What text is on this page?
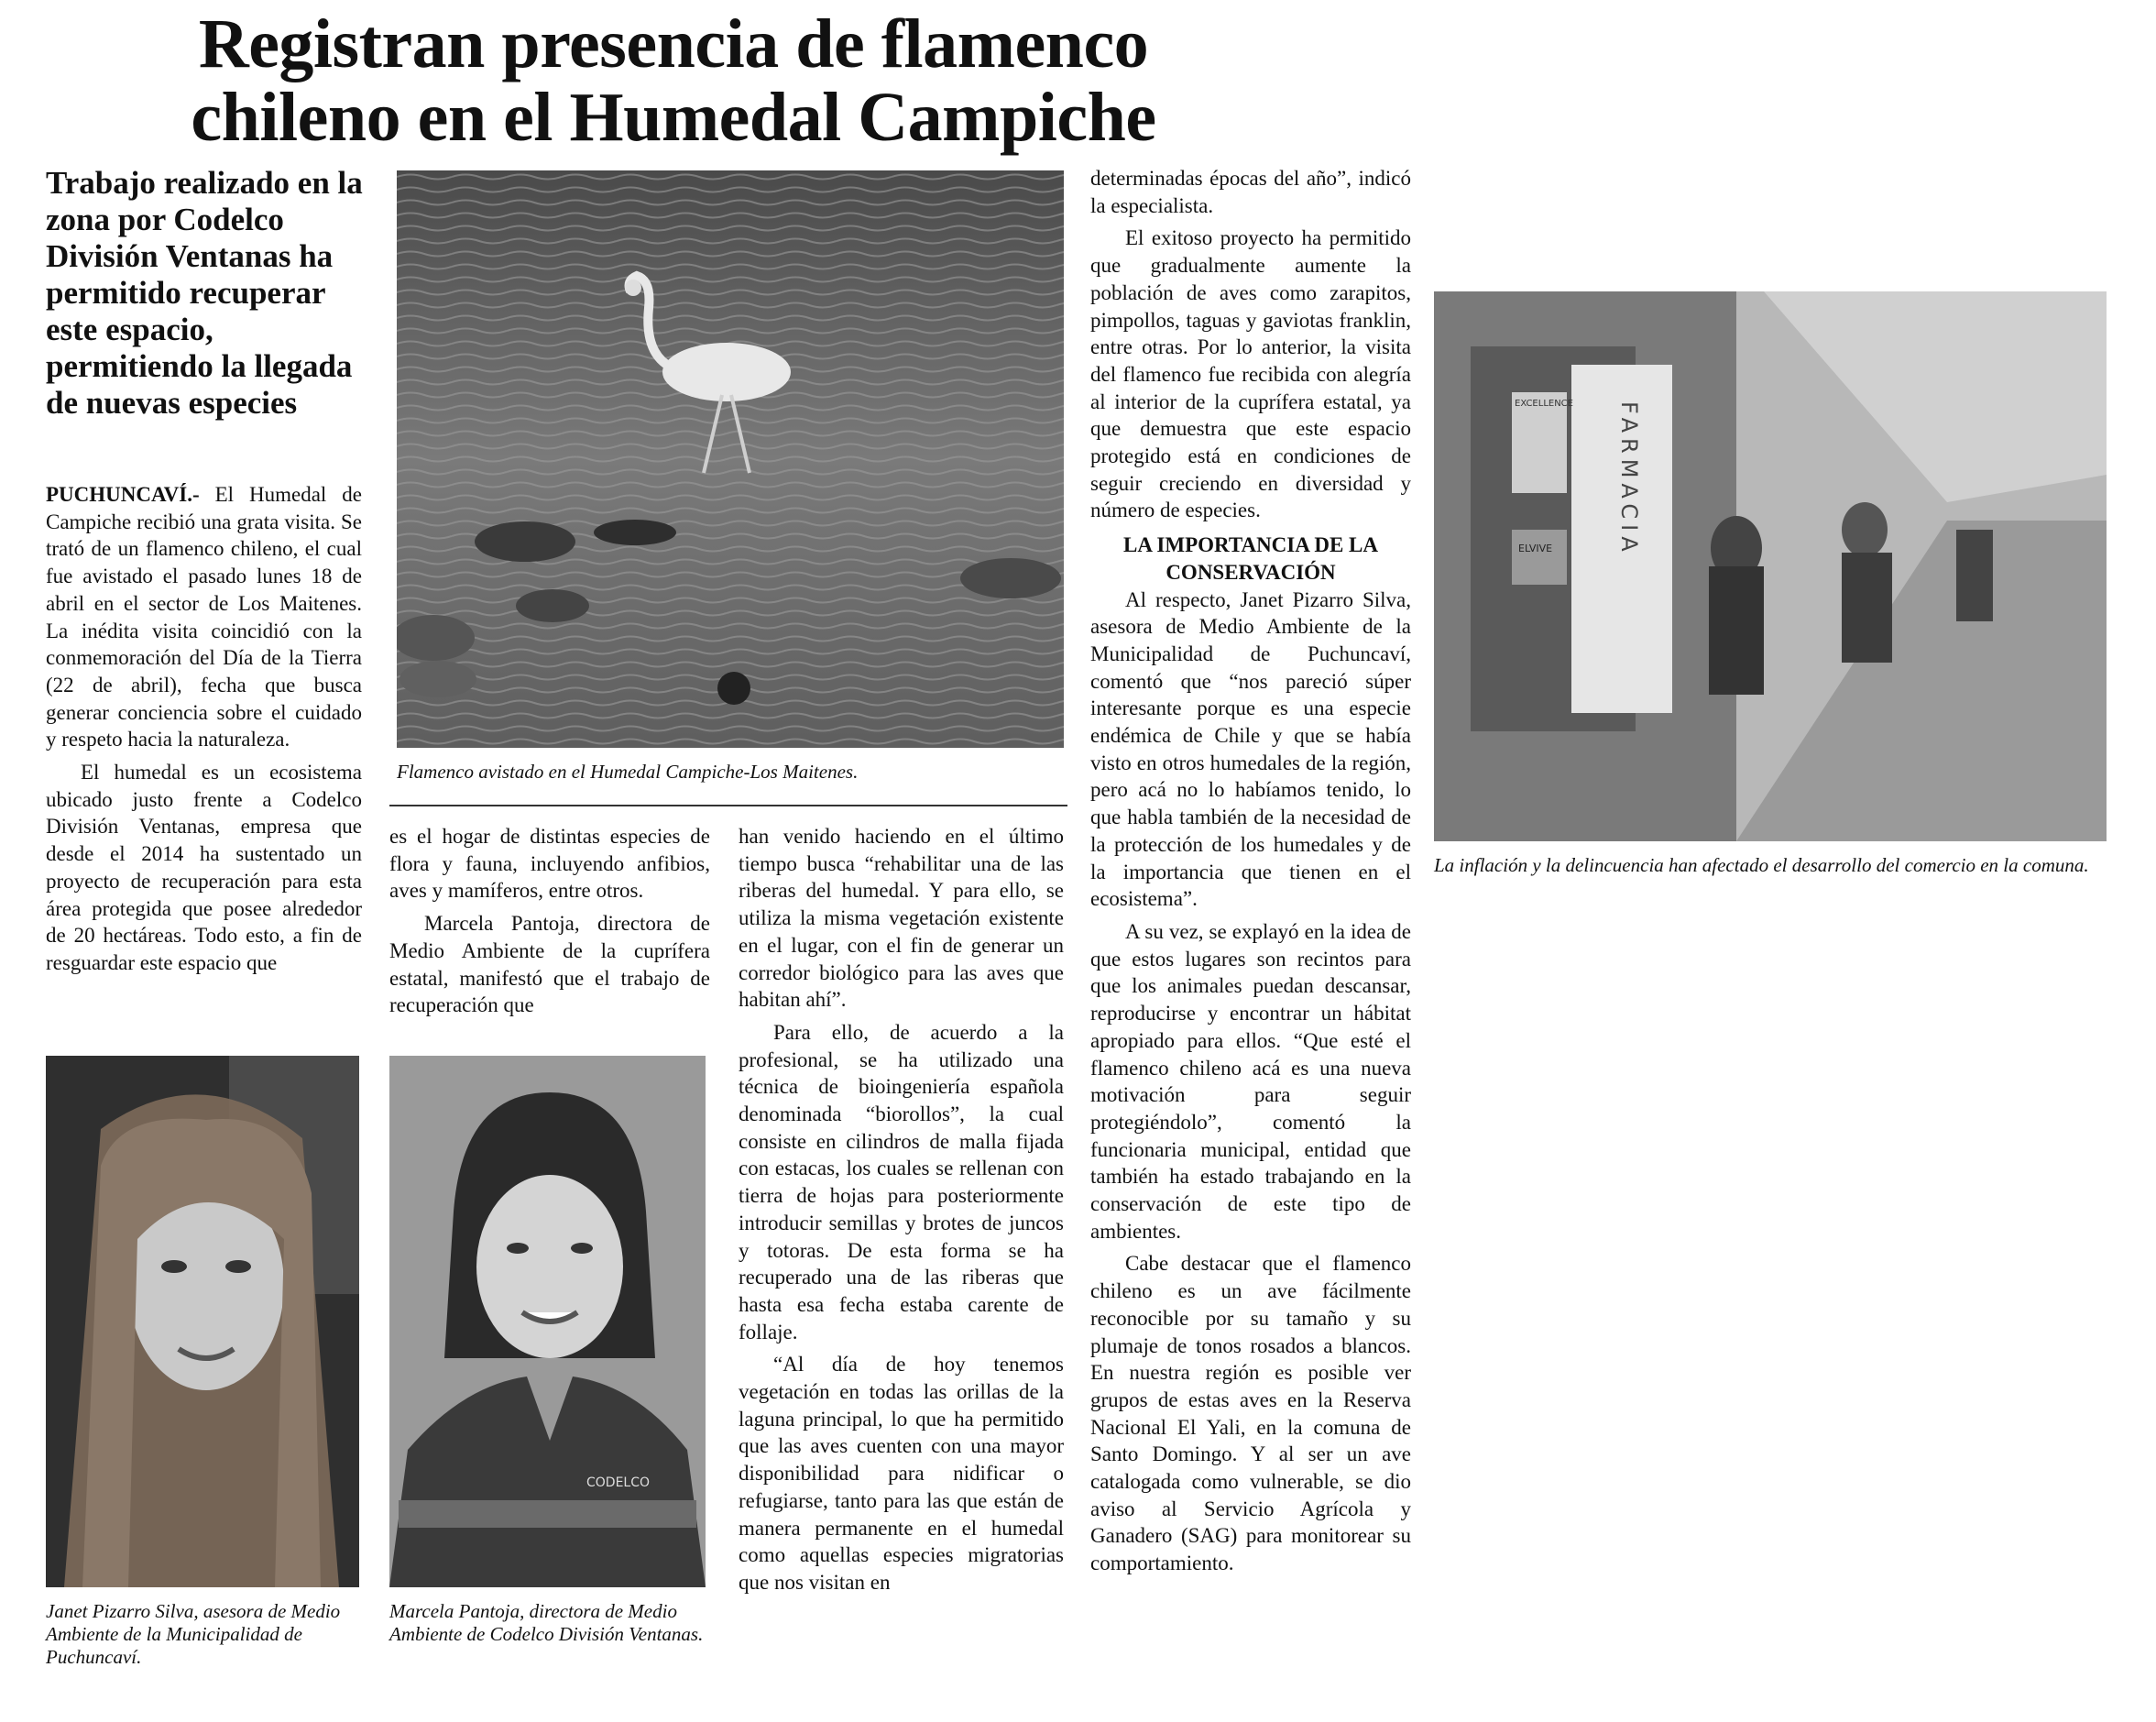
Registran presencia de flamenco
chileno en el Humedal Campiche
Trabajo realizado en la zona por Codelco División Ventanas ha permitido recuperar este espacio, permitiendo la llegada de nuevas especies

PUCHUNCAVÍ.- El Humedal de Campiche recibió una grata visita. Se trató de un flamenco chileno, el cual fue avistado el pasado lunes 18 de abril en el sector de Los Maitenes. La inédita visita coincidió con la conmemoración del Día de la Tierra (22 de abril), fecha que busca generar conciencia sobre el cuidado y respeto hacia la naturaleza.

El humedal es un ecosistema ubicado justo frente a Codelco División Ventanas, empresa que desde el 2014 ha sustentado un proyecto de recuperación para esta área protegida que posee alrededor de 20 hectáreas. Todo esto, a fin de resguardar este espacio que

Flamenco avistado en el Humedal Campiche-Los Maitenes.

es el hogar de distintas especies de flora y fauna, incluyendo anfibios, aves y mamíferos, entre otros.

Marcela Pantoja, directora de Medio Ambiente de la cuprífera estatal, manifestó que el trabajo de recuperación que

han venido haciendo en el último tiempo busca “rehabilitar una de las riberas del humedal. Y para ello, se utiliza la misma vegetación existente en el lugar, con el fin de generar un corredor biológico para las aves que habitan ahí”.

Para ello, de acuerdo a la profesional, se ha utilizado una técnica de bioingeniería española denominada “biorollos”, la cual consiste en cilindros de malla fijada con estacas, los cuales se rellenan con tierra de hojas para posteriormente introducir semillas y brotes de juncos y totoras. De esta forma se ha recuperado una de las riberas que hasta esa fecha estaba carente de follaje.

“Al día de hoy tenemos vegetación en todas las orillas de la laguna principal, lo que ha permitido que las aves cuenten con una mayor disponibilidad para nidificar o refugiarse, tanto para las que están de manera permanente en el humedal como aquellas especies migratorias que nos visitan en

determinadas épocas del año”, indicó la especialista.

El exitoso proyecto ha permitido que gradualmente aumente la población de aves como zarapitos, pimpollos, taguas y gaviotas franklin, entre otras. Por lo anterior, la visita del flamenco fue recibida con alegría al interior de la cuprífera estatal, ya que demuestra que este espacio protegido está en condiciones de seguir creciendo en diversidad y número de especies.

LA IMPORTANCIA DE LA CONSERVACIÓN

Al respecto, Janet Pizarro Silva, asesora de Medio Ambiente de la Municipalidad de Puchuncaví, comentó que “nos pareció súper interesante porque es una especie endémica de Chile y que se había visto en otros humedales de la región, pero acá no lo habíamos tenido, lo que habla también de la necesidad de la protección de los humedales y de la importancia que tienen en el ecosistema”.

A su vez, se explayó en la idea de que estos lugares son recintos para que los animales puedan descansar, reproducirse y encontrar un hábitat apropiado para ellos. “Que esté el flamenco chileno acá es una nueva motivación para seguir protegiéndolo”, comentó la funcionaria municipal, entidad que también ha estado trabajando en la conservación de este tipo de ambientes.

Cabe destacar que el flamenco chileno es un ave fácilmente reconocible por su tamaño y su plumaje de tonos rosados a blancos. En nuestra región es posible ver grupos de estas aves en la Reserva Nacional El Yali, en la comuna de Santo Domingo. Y al ser un ave catalogada como vulnerable, se dio aviso al Servicio Agrícola y Ganadero (SAG) para monitorear su comportamiento.

Janet Pizarro Silva, asesora de Medio Ambiente de la Municipalidad de Puchuncaví.

CODELCO

Marcela Pantoja, directora de Medio Ambiente de Codelco División Ventanas.

FARMACIA
EXCELLENCE
ELVIVE

La inflación y la delincuencia han afectado el desarrollo del comercio en la comuna.
